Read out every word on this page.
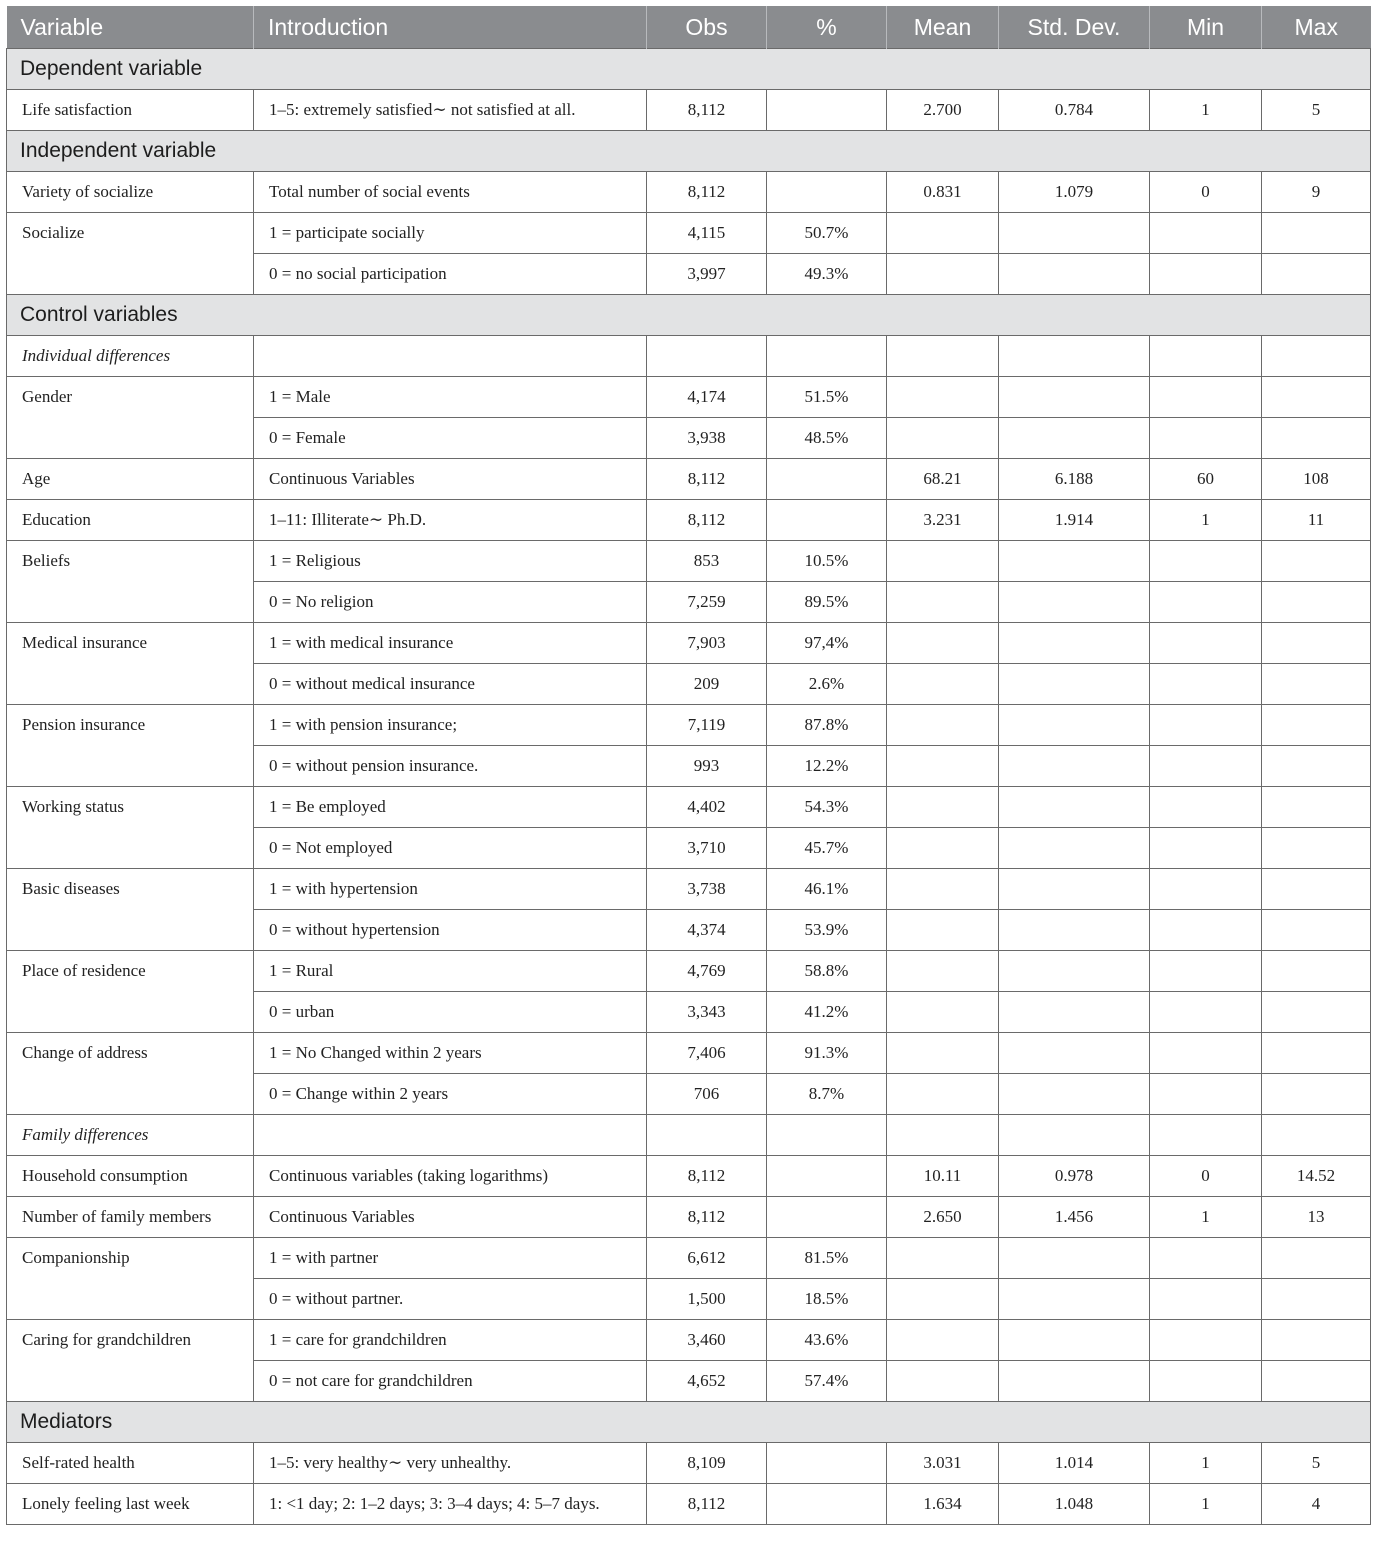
Variable	Introduction	Obs	%	Mean	Std. Dev.	Min	Max
Dependent variable							
Life satisfaction	1–5: extremely satisfied∼ not satisfied at all.	8,112		2.700	0.784	1	5
Independent variable							
Variety of socialize	Total number of social events	8,112		0.831	1.079	0	9
Socialize	1 = participate socially	4,115	50.7%				
	0 = no social participation	3,997	49.3%				
Control variables							
Individual differences							
Gender	1 = Male	4,174	51.5%				
	0 = Female	3,938	48.5%				
Age	Continuous Variables	8,112		68.21	6.188	60	108
Education	1–11: Illiterate∼ Ph.D.	8,112		3.231	1.914	1	11
Beliefs	1 = Religious	853	10.5%				
	0 = No religion	7,259	89.5%				
Medical insurance	1 = with medical insurance	7,903	97,4%				
	0 = without medical insurance	209	2.6%				
Pension insurance	1 = with pension insurance;	7,119	87.8%				
	0 = without pension insurance.	993	12.2%				
Working status	1 = Be employed	4,402	54.3%				
	0 = Not employed	3,710	45.7%				
Basic diseases	1 = with hypertension	3,738	46.1%				
	0 = without hypertension	4,374	53.9%				
Place of residence	1 = Rural	4,769	58.8%				
	0 = urban	3,343	41.2%				
Change of address	1 = No Changed within 2 years	7,406	91.3%				
	0 = Change within 2 years	706	8.7%				
Family differences							
Household consumption	Continuous variables (taking logarithms)	8,112		10.11	0.978	0	14.52
Number of family members	Continuous Variables	8,112		2.650	1.456	1	13
Companionship	1 = with partner	6,612	81.5%				
	0 = without partner.	1,500	18.5%				
Caring for grandchildren	1 = care for grandchildren	3,460	43.6%				
	0 = not care for grandchildren	4,652	57.4%				
Mediators							
Self-rated health	1–5: very healthy∼ very unhealthy.	8,109		3.031	1.014	1	5
Lonely feeling last week	1: <1 day; 2: 1–2 days; 3: 3–4 days; 4: 5–7 days.	8,112		1.634	1.048	1	4
